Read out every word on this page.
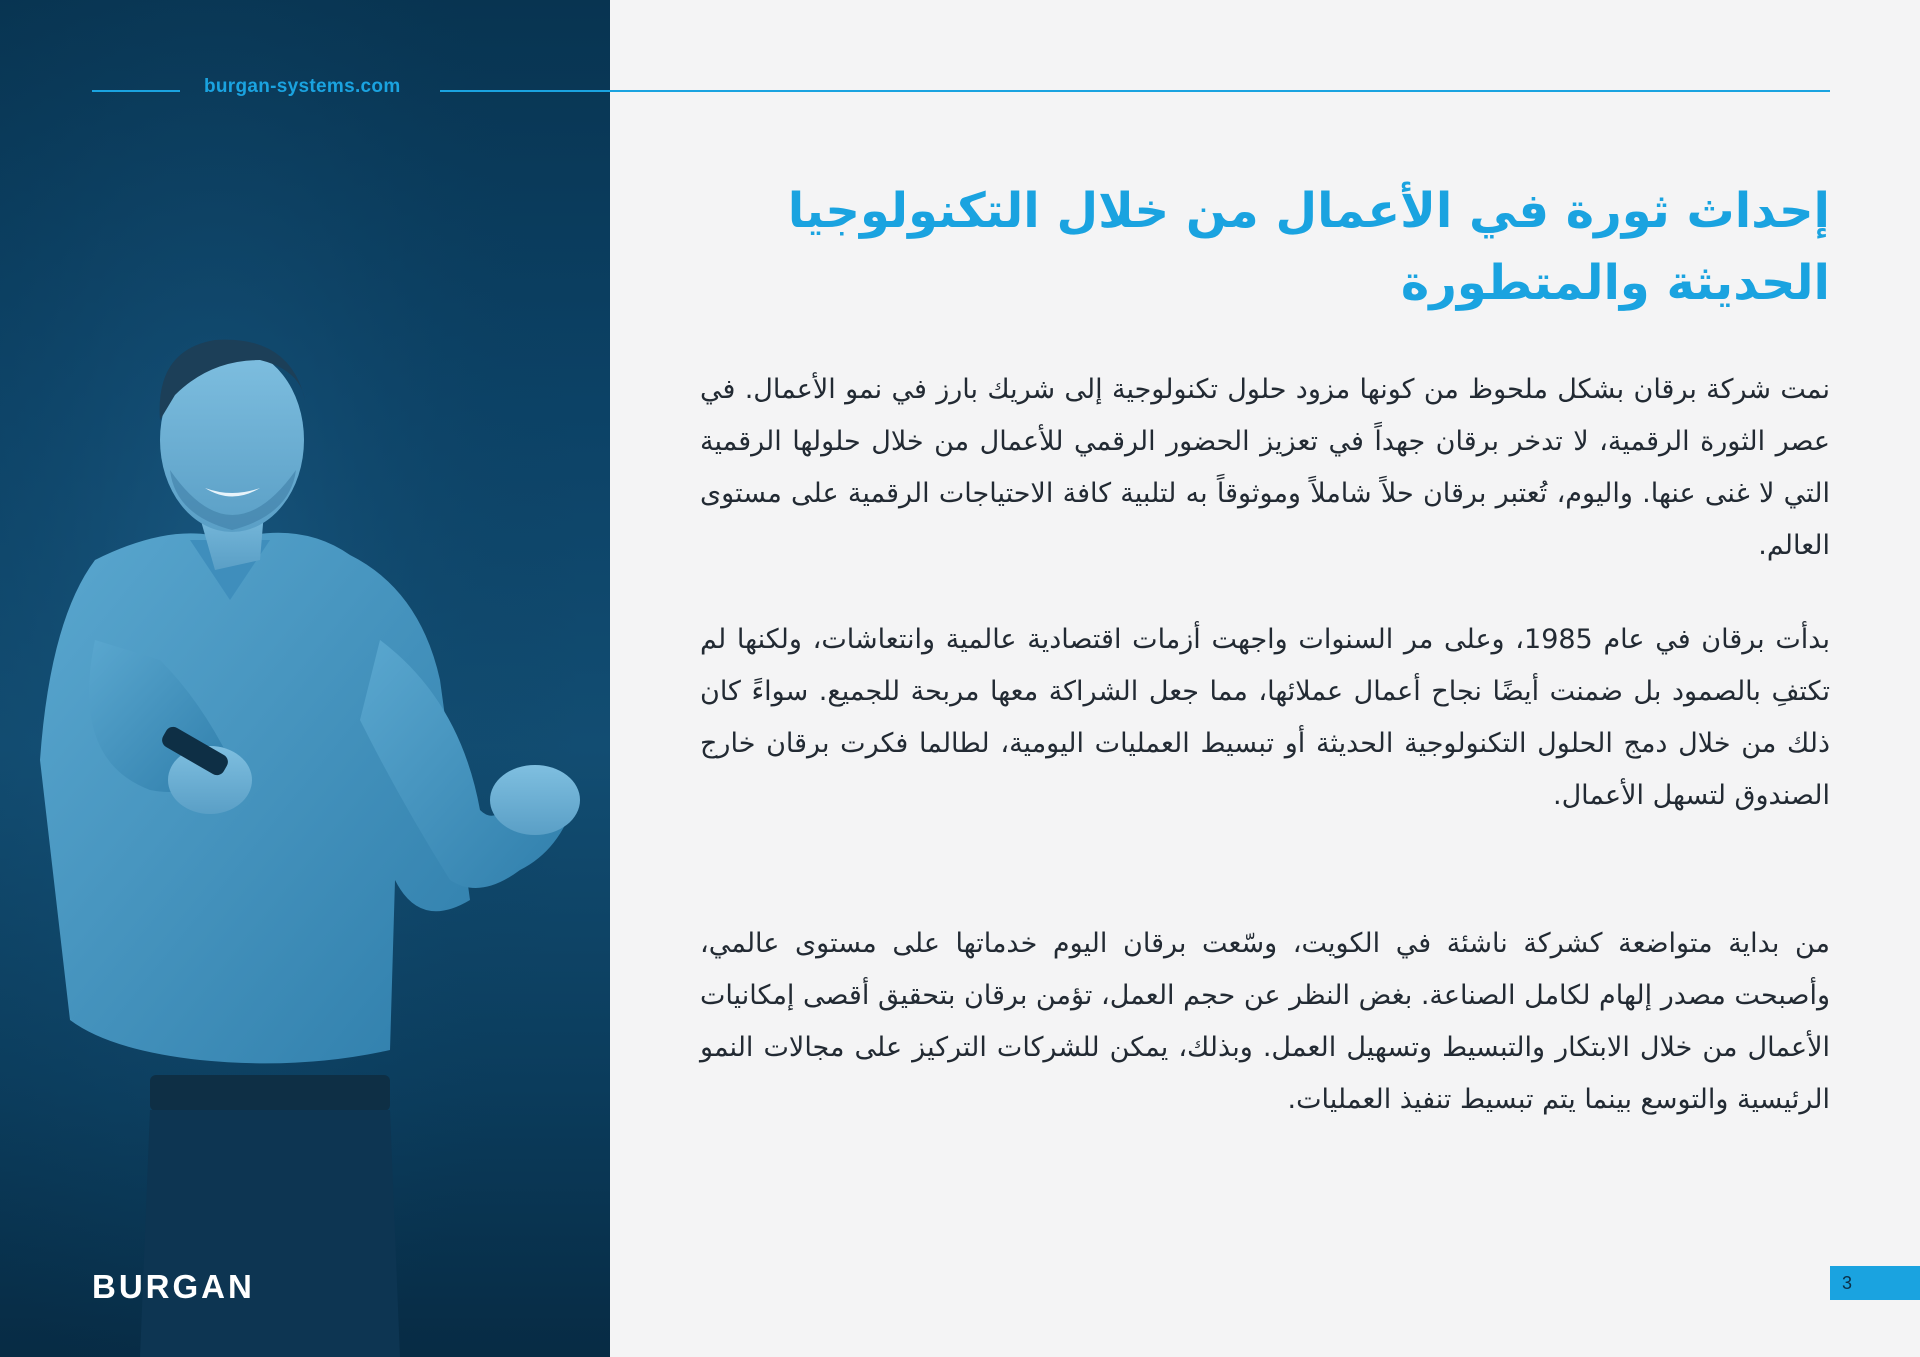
burgan-systems.com
إحداث ثورة في الأعمال من خلال التكنولوجيا الحديثة والمتطورة

نمت شركة برقان بشكل ملحوظ من كونها مزود حلول تكنولوجية إلى شريك بارز في نمو الأعمال. في عصر الثورة الرقمية، لا تدخر برقان جهداً في تعزيز الحضور الرقمي للأعمال من خلال حلولها الرقمية التي لا غنى عنها. واليوم، تُعتبر برقان حلاً شاملاً وموثوقاً به لتلبية كافة الاحتياجات الرقمية على مستوى العالم.

بدأت برقان في عام 1985، وعلى مر السنوات واجهت أزمات اقتصادية عالمية وانتعاشات، ولكنها لم تكتفِ بالصمود بل ضمنت أيضًا نجاح أعمال عملائها، مما جعل الشراكة معها مربحة للجميع. سواءً كان ذلك من خلال دمج الحلول التكنولوجية الحديثة أو تبسيط العمليات اليومية، لطالما فكرت برقان خارج الصندوق لتسهل الأعمال.

من بداية متواضعة كشركة ناشئة في الكويت، وسّعت برقان اليوم خدماتها على مستوى عالمي، وأصبحت مصدر إلهام لكامل الصناعة. بغض النظر عن حجم العمل، تؤمن برقان بتحقيق أقصى إمكانيات الأعمال من خلال الابتكار والتبسيط وتسهيل العمل. وبذلك، يمكن للشركات التركيز على مجالات النمو الرئيسية والتوسع بينما يتم تبسيط تنفيذ العمليات.

BURGAN	3
